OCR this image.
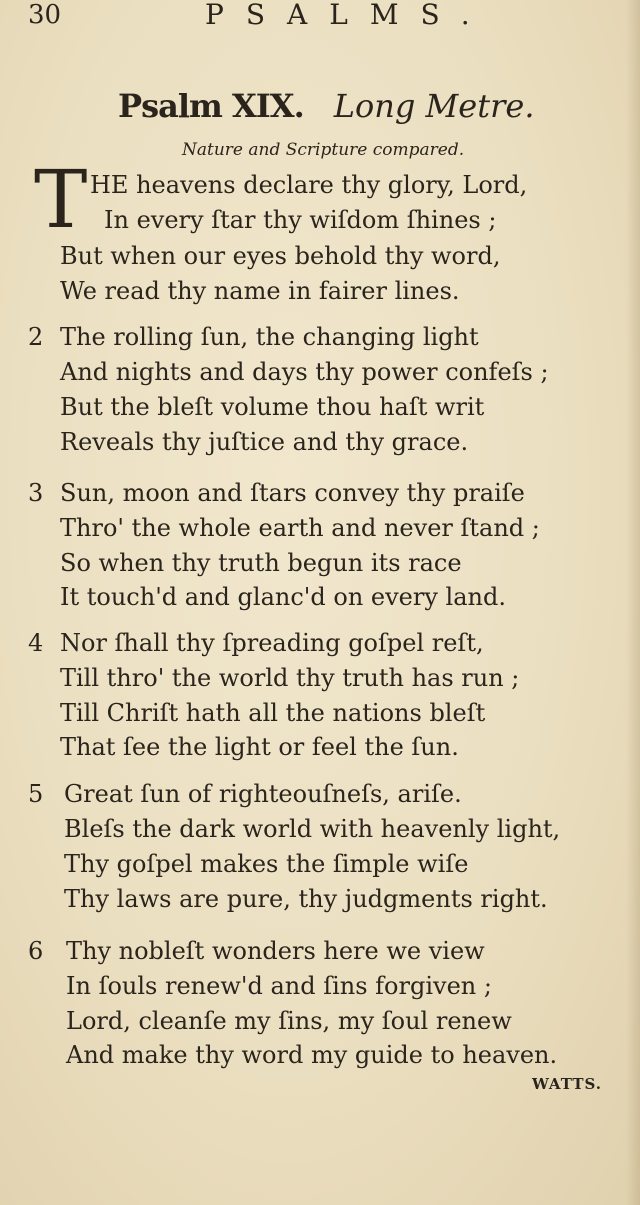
30	PSALMS.
Psalm XIX. Long Metre.
Nature and Scripture compared.
T HE heavens declare thy glory, Lord,
In every ſtar thy wiſdom ſhines ;
But when our eyes behold thy word,
We read thy name in fairer lines.
2 The rolling ſun, the changing light
And nights and days thy power confeſs ;
But the bleſt volume thou haſt writ
Reveals thy juſtice and thy grace.
3 Sun, moon and ſtars convey thy praiſe
Thro' the whole earth and never ſtand ;
So when thy truth begun its race
It touch'd and glanc'd on every land.
4 Nor ſhall thy ſpreading goſpel reſt,
Till thro' the world thy truth has run ;
Till Chriſt hath all the nations bleſt
That ſee the light or feel the ſun.
5 Great ſun of righteouſneſs, ariſe.
Bleſs the dark world with heavenly light,
Thy goſpel makes the ſimple wiſe
Thy laws are pure, thy judgments right.
6 Thy nobleſt wonders here we view
In ſouls renew'd and ſins forgiven ;
Lord, cleanſe my ſins, my ſoul renew
And make thy word my guide to heaven.
WATTS.
